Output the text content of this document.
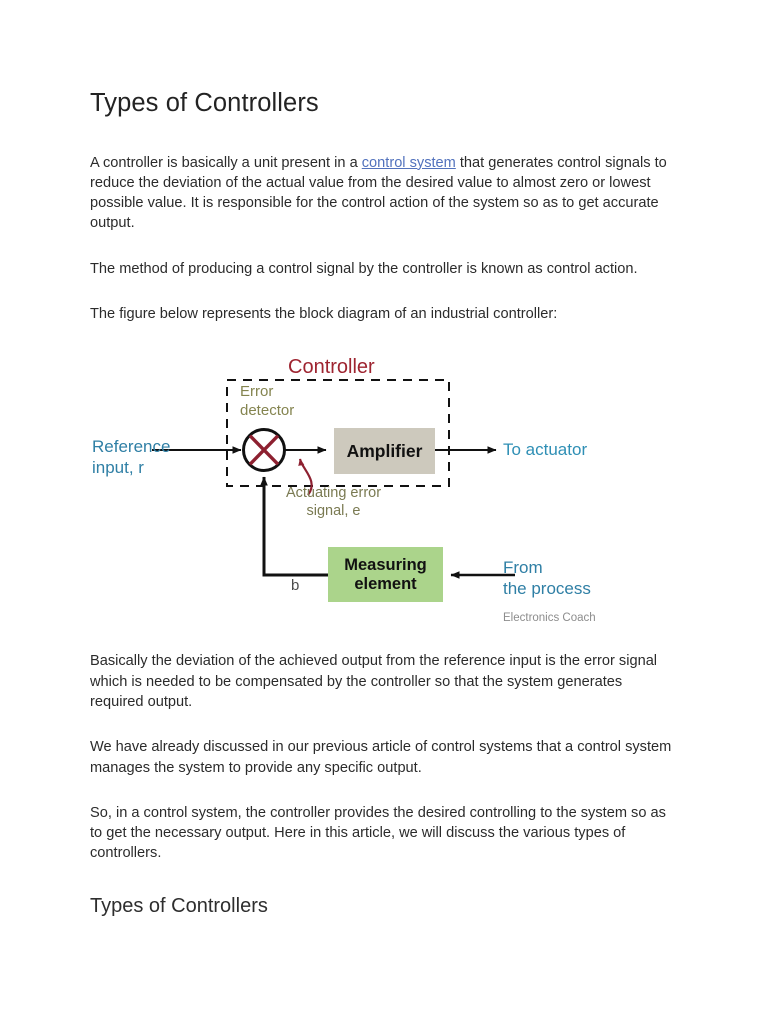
Types of Controllers

A controller is basically a unit present in a control system that generates control signals to reduce the deviation of the actual value from the desired value to almost zero or lowest possible value. It is responsible for the control action of the system so as to get accurate output.

The method of producing a control signal by the controller is known as control action.

The figure below represents the block diagram of an industrial controller:

Controller
Error
detector
Reference
input, r
Amplifier	To actuator
Actuating error
signal, e
b
Measuring
element
From
the process
Electronics Coach

Basically the deviation of the achieved output from the reference input is the error signal which is needed to be compensated by the controller so that the system generates required output.

We have already discussed in our previous article of control systems that a control system manages the system to provide any specific output.

So, in a control system, the controller provides the desired controlling to the system so as to get the necessary output. Here in this article, we will discuss the various types of controllers.

Types of Controllers
